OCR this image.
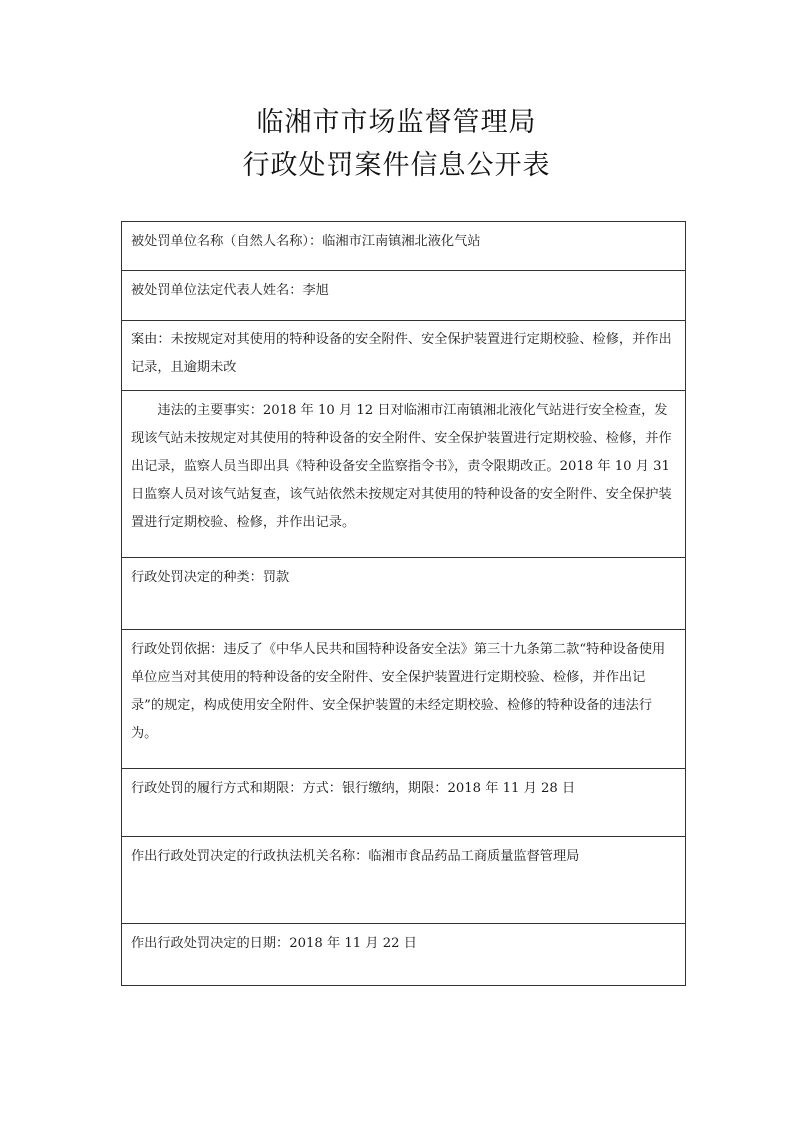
临湘市市场监督管理局
行政处罚案件信息公开表

被处罚单位名称（自然人名称）：临湘市江南镇湘北液化气站

被处罚单位法定代表人姓名：李旭

案由：未按规定对其使用的特种设备的安全附件、安全保护装置进行定期校验、检修，并作出记录，且逾期未改

违法的主要事实：2018 年 10 月 12 日对临湘市江南镇湘北液化气站进行安全检查，发现该气站未按规定对其使用的特种设备的安全附件、安全保护装置进行定期校验、检修，并作出记录，监察人员当即出具《特种设备安全监察指令书》，责令限期改正。2018 年 10 月 31 日监察人员对该气站复查，该气站依然未按规定对其使用的特种设备的安全附件、安全保护装置进行定期校验、检修，并作出记录。

行政处罚决定的种类：罚款

行政处罚依据：违反了《中华人民共和国特种设备安全法》第三十九条第二款“特种设备使用单位应当对其使用的特种设备的安全附件、安全保护装置进行定期校验、检修，并作出记录”的规定，构成使用安全附件、安全保护装置的未经定期校验、检修的特种设备的违法行为。

行政处罚的履行方式和期限：方式：银行缴纳，期限：2018 年 11 月 28 日

作出行政处罚决定的行政执法机关名称：临湘市食品药品工商质量监督管理局

作出行政处罚决定的日期：2018 年 11 月 22 日
